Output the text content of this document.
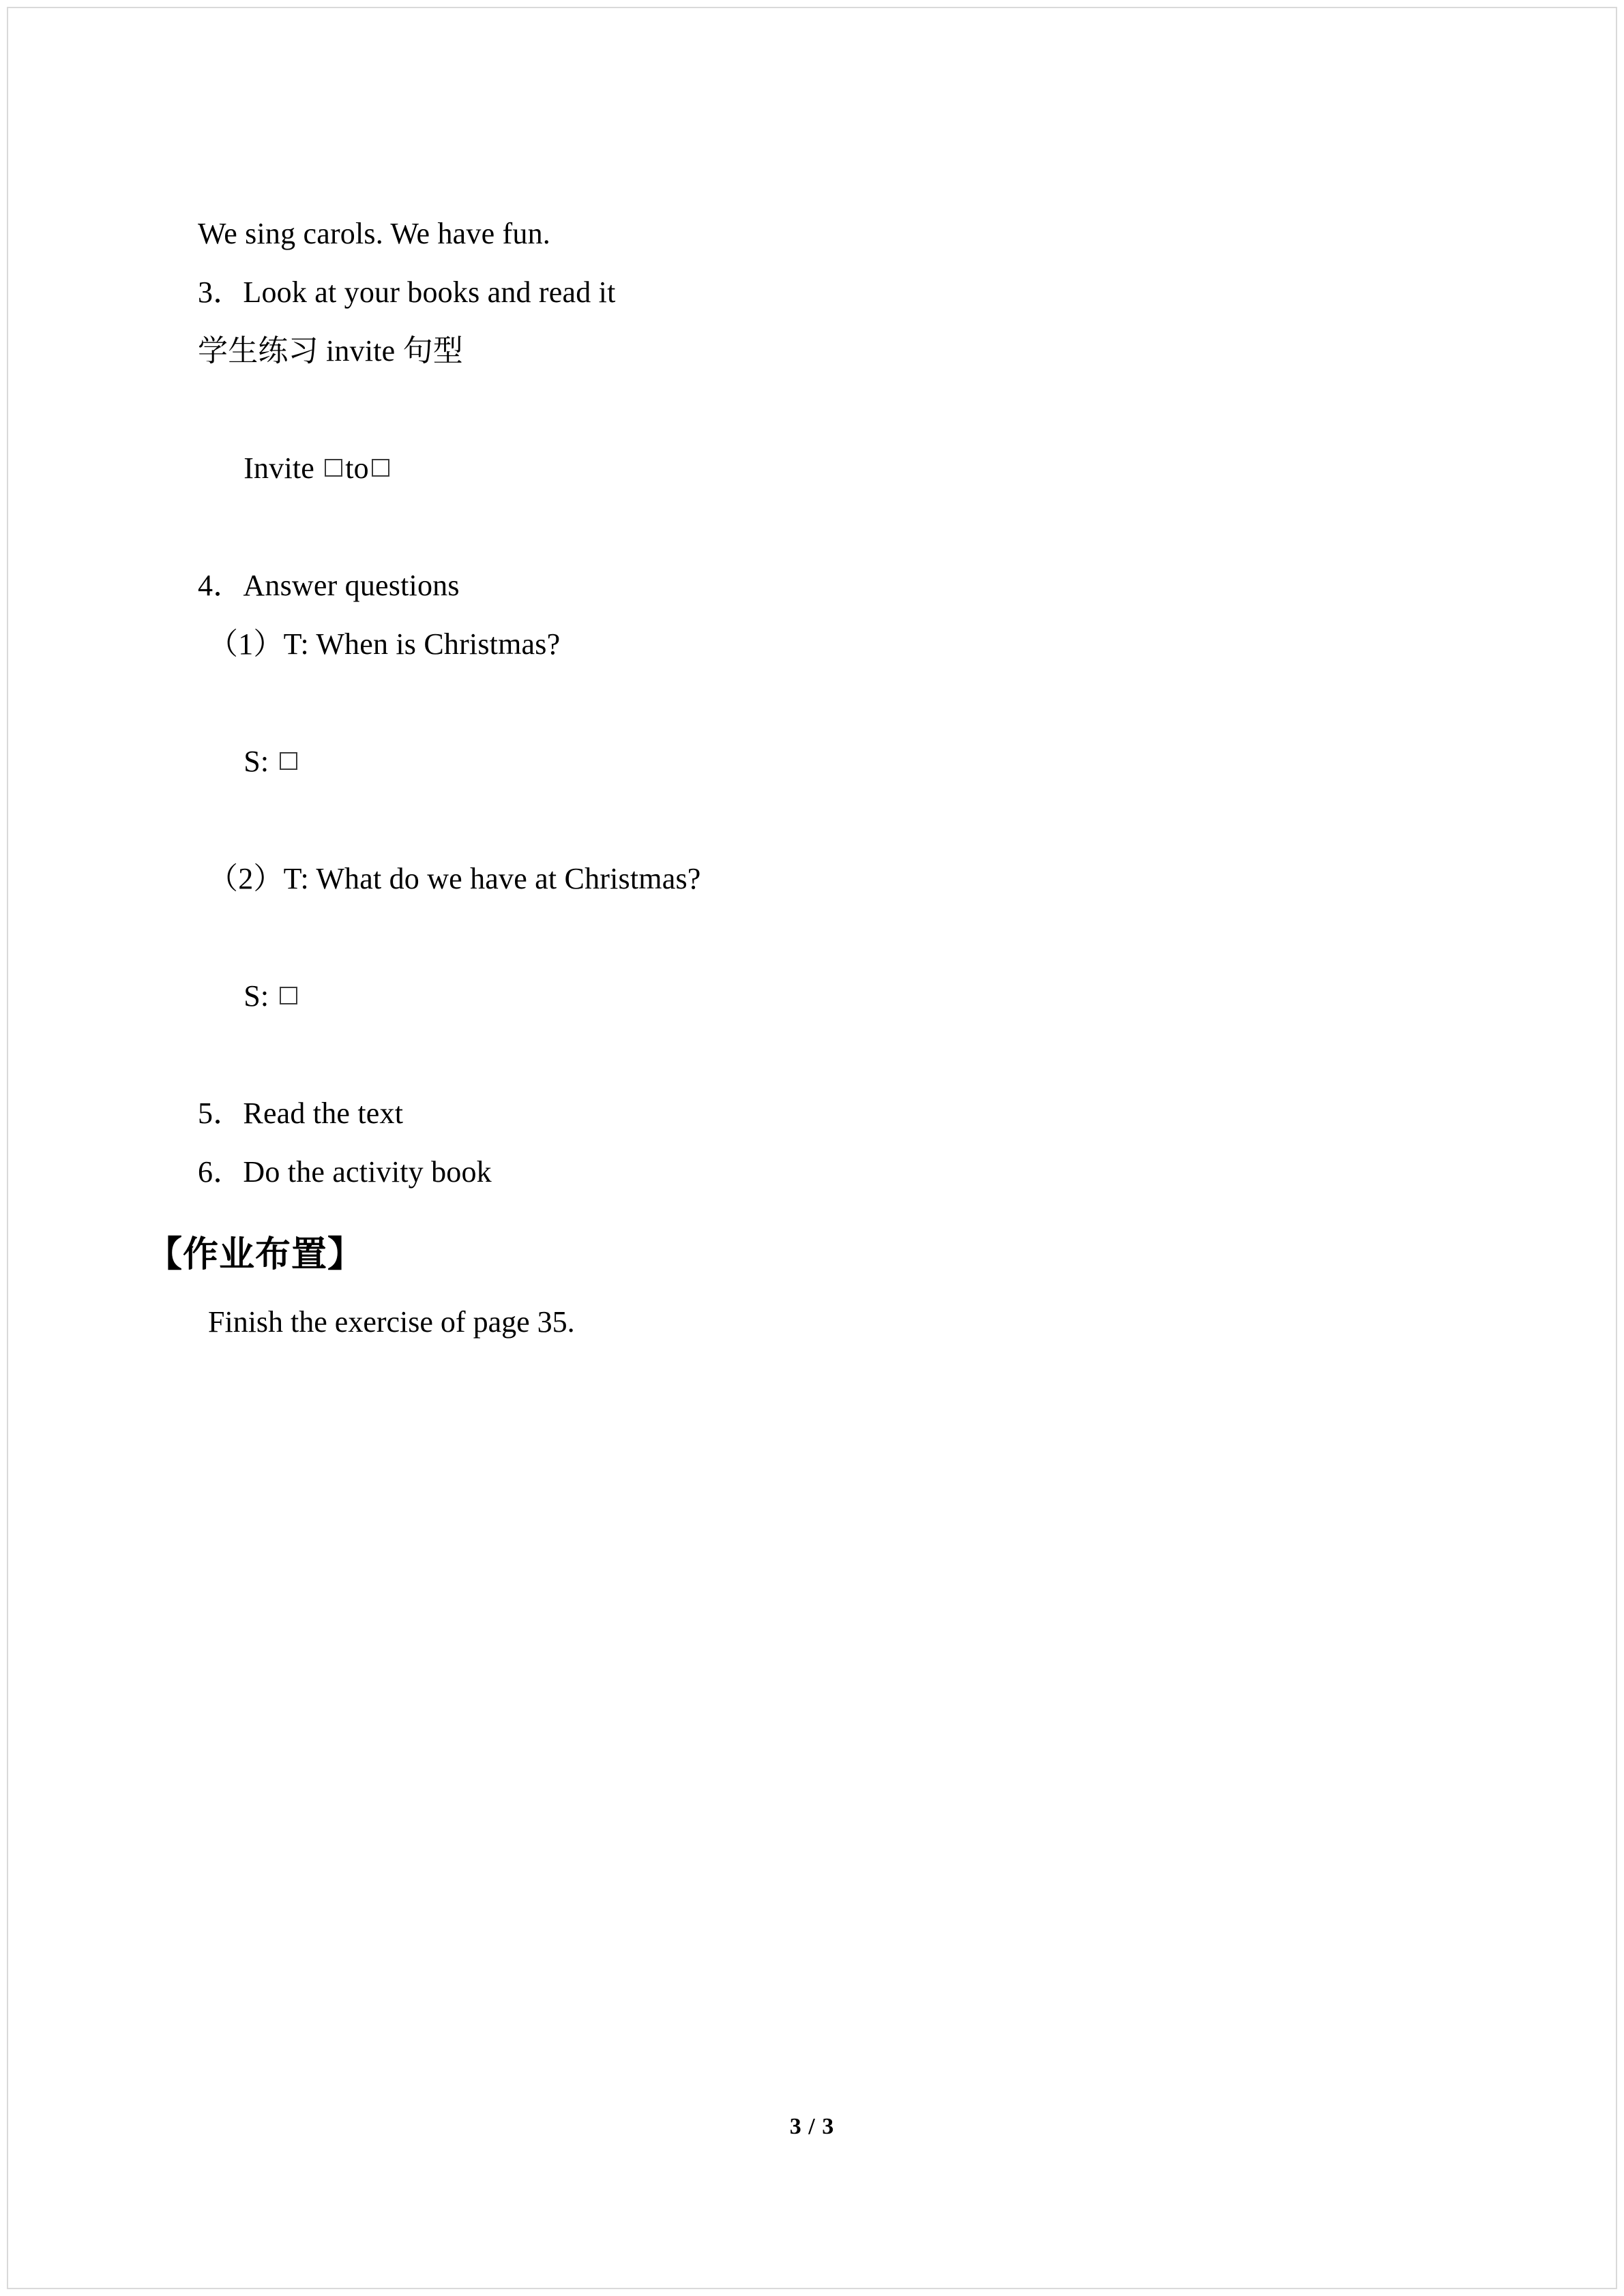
We sing carols. We have fun.
3．Look at your books and read it
学生练习 invite 句型

Invite to

4．Answer questions
（1）T: When is Christmas?

S:

（2）T: What do we have at Christmas?

S:

5．Read the text
6．Do the activity book
【作业布置】
Finish the exercise of page 35.
3 / 3
